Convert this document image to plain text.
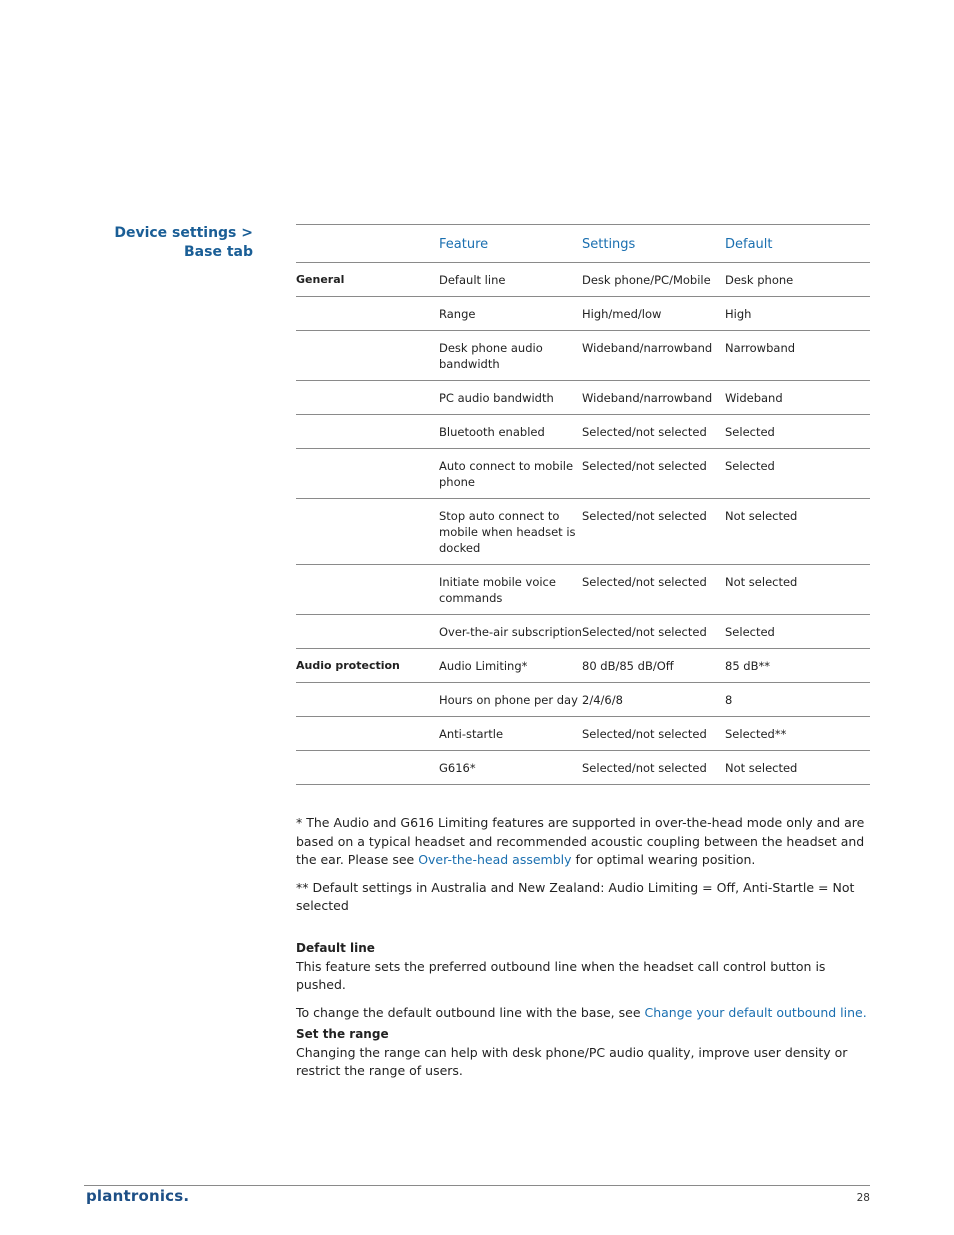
Device settings > Base tab
		Feature	Settings	Default
General	Default line	Desk phone/PC/Mobile	Desk phone
	Range	High/med/low	High
	Desk phone audio bandwidth	Wideband/narrowband	Narrowband
	PC audio bandwidth	Wideband/narrowband	Wideband
	Bluetooth enabled	Selected/not selected	Selected
	Auto connect to mobile phone	Selected/not selected	Selected
	Stop auto connect to mobile when headset is docked	Selected/not selected	Not selected
	Initiate mobile voice commands	Selected/not selected	Not selected
	Over-the-air subscription	Selected/not selected	Selected
Audio protection	Audio Limiting*	80 dB/85 dB/Off	85 dB**
	Hours on phone per day	2/4/6/8	8
	Anti-startle	Selected/not selected	Selected**
	G616*	Selected/not selected	Not selected

* The Audio and G616 Limiting features are supported in over-the-head mode only and are based on a typical headset and recommended acoustic coupling between the headset and the ear. Please see Over-the-head assembly for optimal wearing position.

** Default settings in Australia and New Zealand: Audio Limiting = Off, Anti-Startle = Not selected

Default line

This feature sets the preferred outbound line when the headset call control button is pushed.

To change the default outbound line with the base, see Change your default outbound line.

Set the range

Changing the range can help with desk phone/PC audio quality, improve user density or restrict the range of users.

plantronics.	28
